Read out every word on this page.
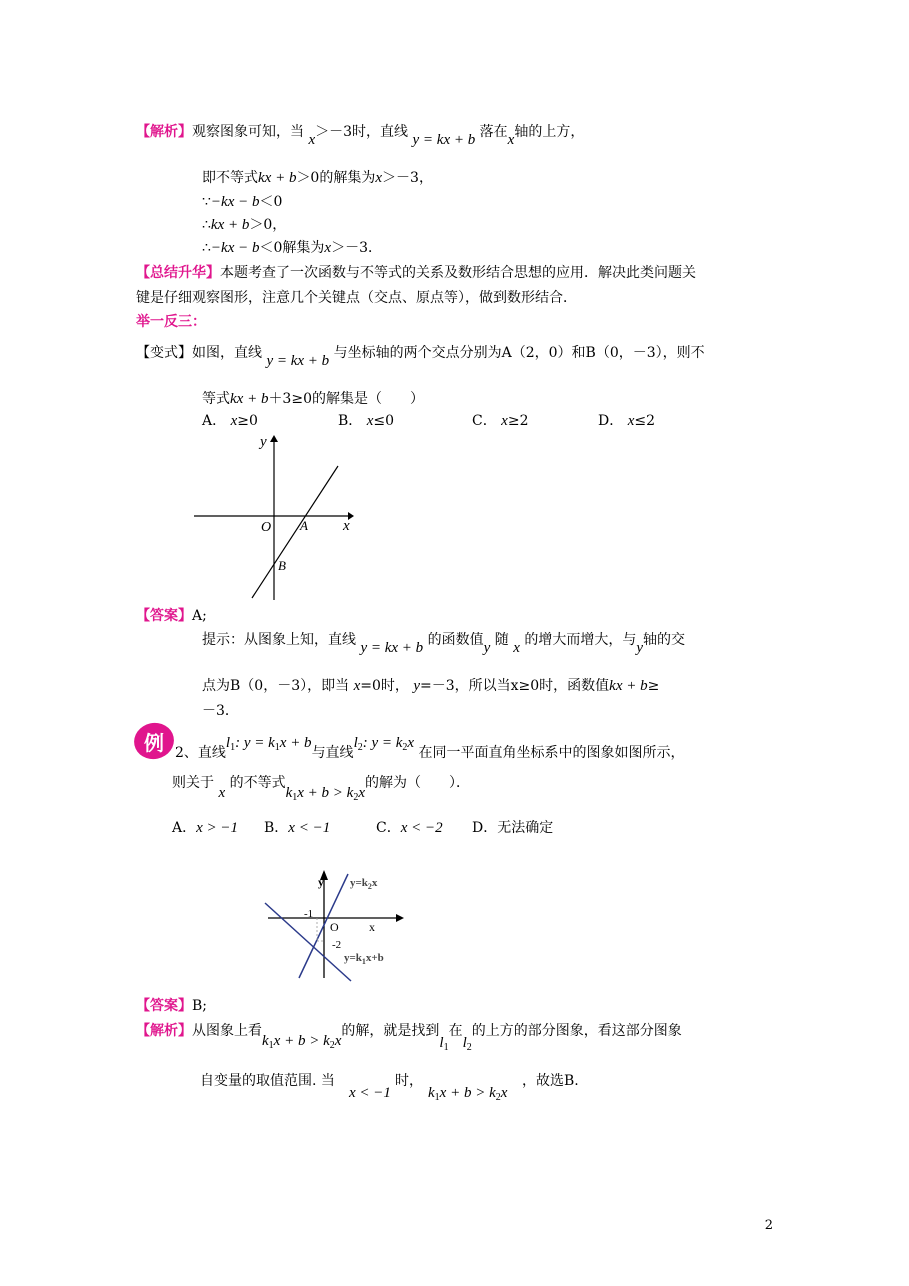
【解析】观察图象可知，当 x＞－3时，直线 y = kx + b 落在x轴的上方，
即不等式kx + b＞0的解集为x＞－3，
∵−kx − b＜0
∴kx + b＞0，
∴−kx − b＜0解集为x＞－3．
【总结升华】本题考查了一次函数与不等式的关系及数形结合思想的应用．解决此类问题关
键是仔细观察图形，注意几个关键点（交点、原点等），做到数形结合．
举一反三：
【变式】如图，直线 y = kx + b 与坐标轴的两个交点分别为A（2，0）和B（0，－3），则不
等式kx + b＋3≥0的解集是（　　）
A． x≥0	B． x≤0	C． x≥2	D． x≤2
y
x
O A
B
【答案】A;
提示：从图象上知，直线 y = kx + b 的函数值y 随 x 的增大而增大，与y轴的交
点为B（0，－3），即当 x=0时， y=－3，所以当x≥0时，函数值kx + b≥
－3．
例 2、直线$l_1$: $y = k_1x + b$与直线$l_2$: $y = k_2x$ 在同一平面直角坐标系中的图象如图所示，
则关于 x 的不等式$k_1x + b > k_2x$的解为（　　）．
A．x > −1 B．x < −1	C．x < −2 D．无法确定
y
x
O
-1
-2
$y=k_2x$
$y=k_1x+b$
【答案】B;
【解析】从图象上看$k_1x + b > k_2x$的解，就是找到$l_1$在$l_2$的上方的部分图象，看这部分图象
自变量的取值范围. 当
x < −1
时，
$k_1x + b > k_2x$
，故选B.
2
